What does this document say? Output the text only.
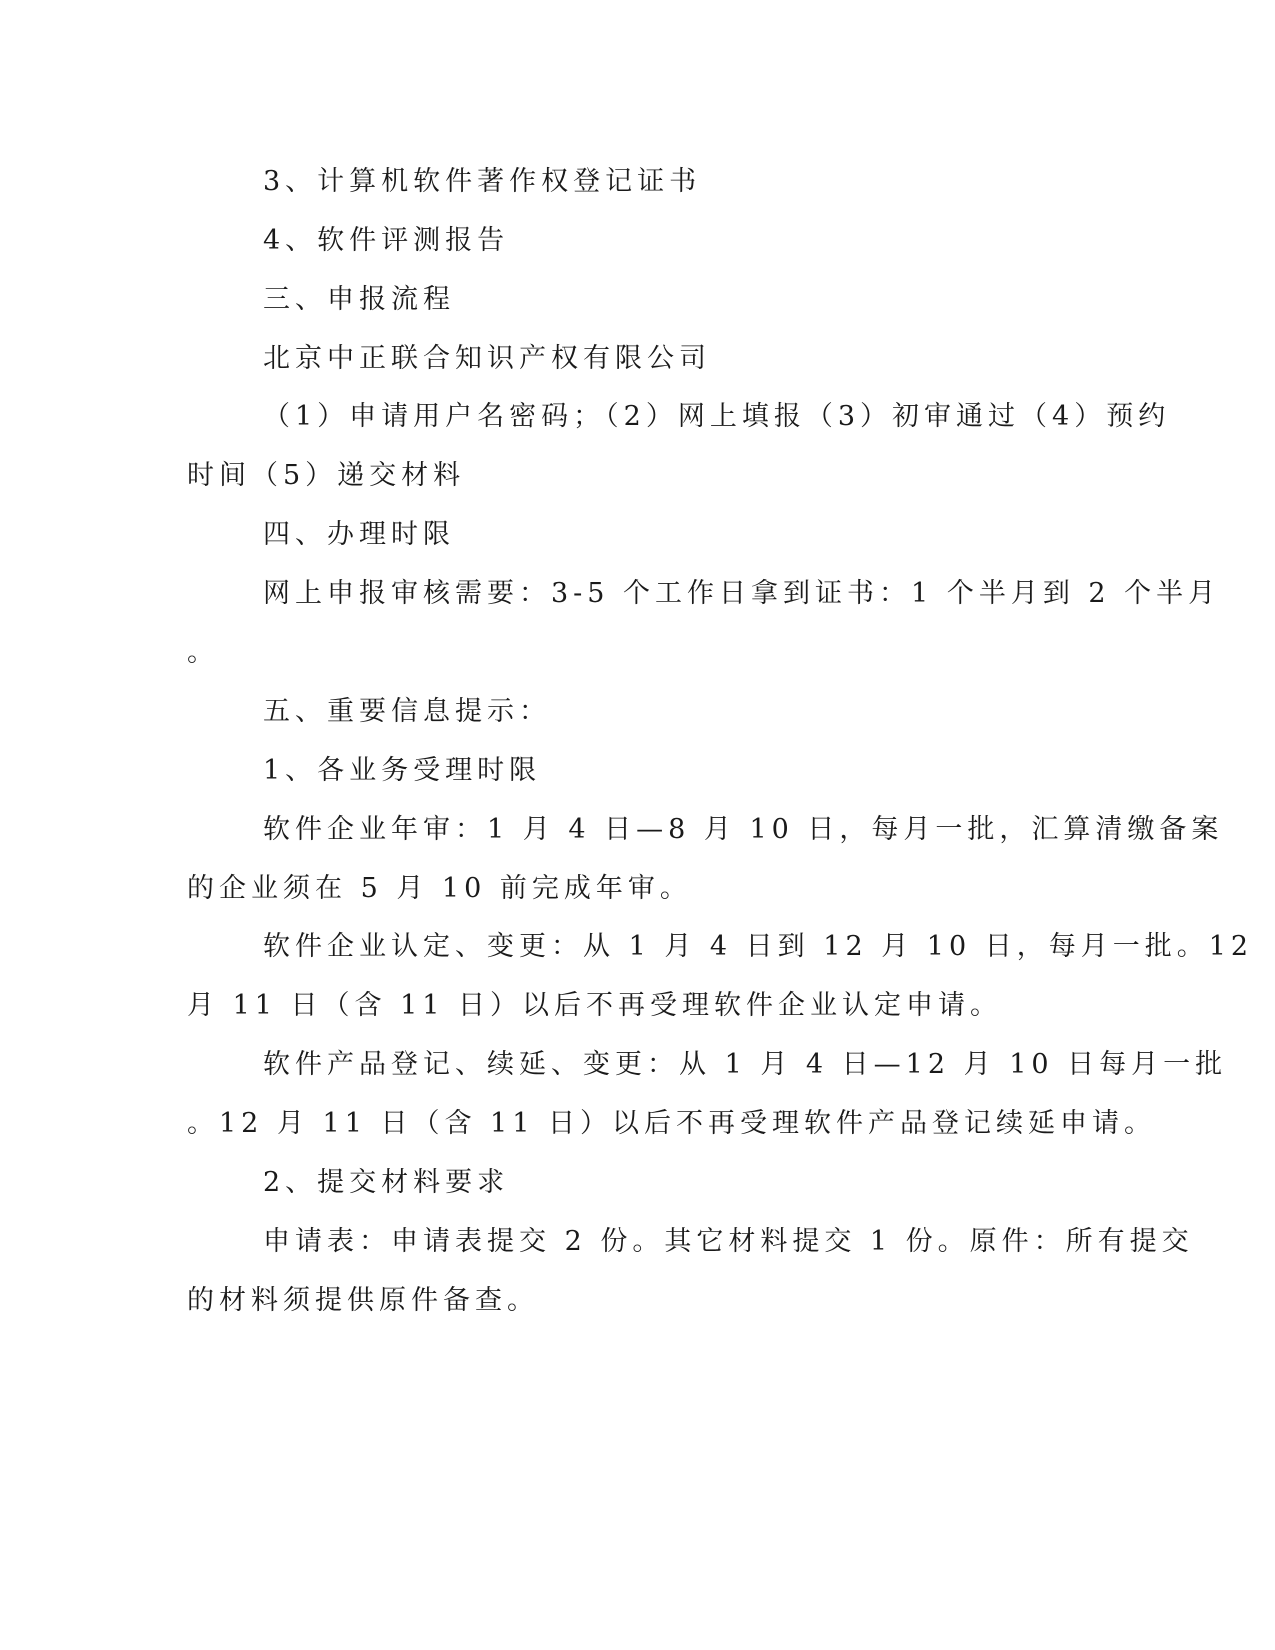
3、计算机软件著作权登记证书
4、软件评测报告
三、申报流程
北京中正联合知识产权有限公司
（1）申请用户名密码；（2）网上填报（3）初审通过（4）预约
时间（5）递交材料
四、办理时限
网上申报审核需要：3-5 个工作日拿到证书：1 个半月到 2 个半月
。
五、重要信息提示：
1、各业务受理时限
软件企业年审：1 月 4 日—8 月 10 日，每月一批，汇算清缴备案
的企业须在 5 月 10 前完成年审。
软件企业认定、变更：从 1 月 4 日到 12 月 10 日，每月一批。12
月 11 日（含 11 日）以后不再受理软件企业认定申请。
软件产品登记、续延、变更：从 1 月 4 日—12 月 10 日每月一批
。12 月 11 日（含 11 日）以后不再受理软件产品登记续延申请。
2、提交材料要求
申请表：申请表提交 2 份。其它材料提交 1 份。原件：所有提交
的材料须提供原件备查。
